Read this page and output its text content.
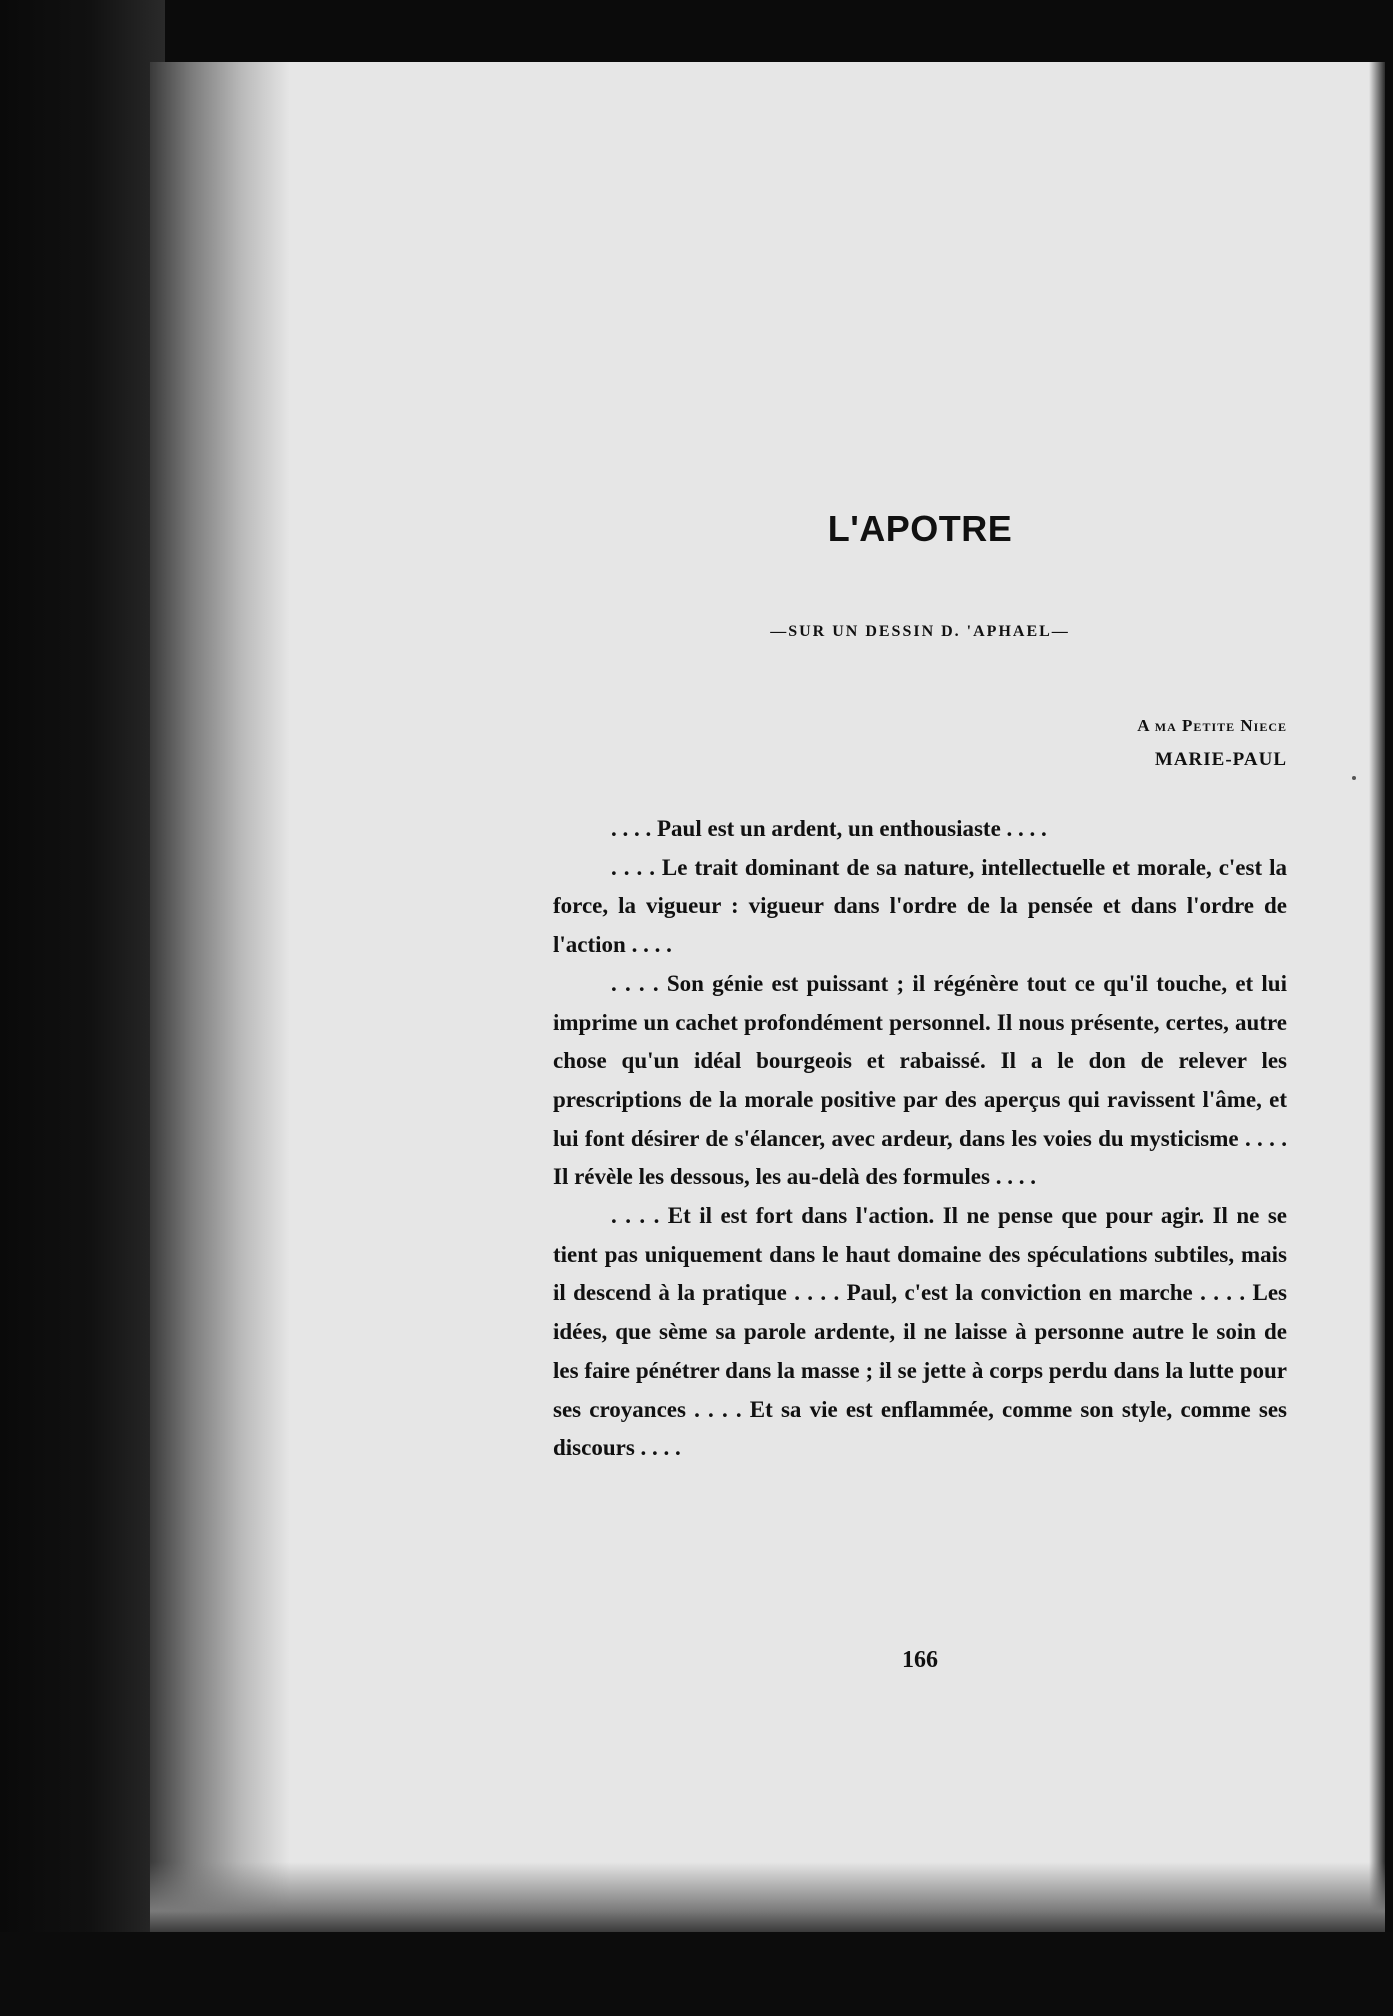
L'APOTRE
—SUR UN DESSIN D. 'APHAEL—
A ma Petite Niece
MARIE-PAUL

. . . . Paul est un ardent, un enthousiaste . . . .

. . . . Le trait dominant de sa nature, intellectuelle et morale, c'est la force, la vigueur : vigueur dans l'ordre de la pensée et dans l'ordre de l'action . . . .

. . . . Son génie est puissant ; il régénère tout ce qu'il touche, et lui imprime un cachet profondément personnel. Il nous présente, certes, autre chose qu'un idéal bourgeois et rabaissé. Il a le don de relever les prescriptions de la morale positive par des aperçus qui ravissent l'âme, et lui font désirer de s'élancer, avec ardeur, dans les voies du mysticisme . . . . Il révèle les dessous, les au-delà des formules . . . .

. . . . Et il est fort dans l'action. Il ne pense que pour agir. Il ne se tient pas uniquement dans le haut domaine des spéculations subtiles, mais il descend à la pratique . . . . Paul, c'est la conviction en marche . . . . Les idées, que sème sa parole ardente, il ne laisse à personne autre le soin de les faire pénétrer dans la masse ; il se jette à corps perdu dans la lutte pour ses croyances . . . . Et sa vie est enflammée, comme son style, comme ses discours . . . .

166
